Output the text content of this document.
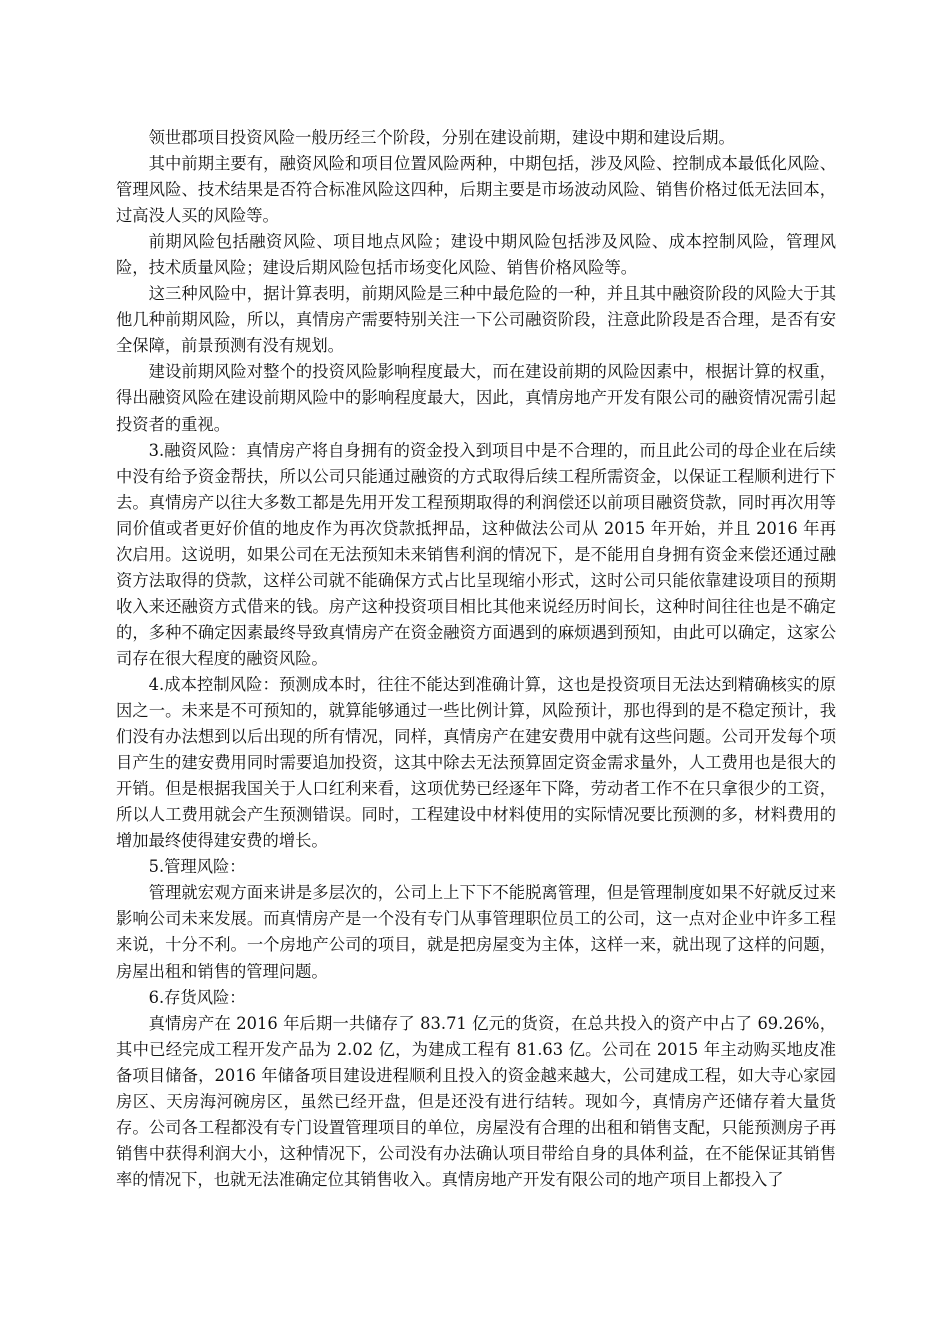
领世郡项目投资风险一般历经三个阶段，分别在建设前期，建设中期和建设后期。

其中前期主要有，融资风险和项目位置风险两种，中期包括，涉及风险、控制成本最低化风险、管理风险、技术结果是否符合标准风险这四种，后期主要是市场波动风险、销售价格过低无法回本，过高没人买的风险等。

前期风险包括融资风险、项目地点风险；建设中期风险包括涉及风险、成本控制风险，管理风险，技术质量风险；建设后期风险包括市场变化风险、销售价格风险等。

这三种风险中，据计算表明，前期风险是三种中最危险的一种，并且其中融资阶段的风险大于其他几种前期风险，所以，真情房产需要特别关注一下公司融资阶段，注意此阶段是否合理，是否有安全保障，前景预测有没有规划。

建设前期风险对整个的投资风险影响程度最大，而在建设前期的风险因素中，根据计算的权重，得出融资风险在建设前期风险中的影响程度最大，因此，真情房地产开发有限公司的融资情况需引起投资者的重视。

3.融资风险：真情房产将自身拥有的资金投入到项目中是不合理的，而且此公司的母企业在后续中没有给予资金帮扶，所以公司只能通过融资的方式取得后续工程所需资金，以保证工程顺利进行下去。真情房产以往大多数工都是先用开发工程预期取得的利润偿还以前项目融资贷款，同时再次用等同价值或者更好价值的地皮作为再次贷款抵押品，这种做法公司从 2015 年开始，并且 2016 年再次启用。这说明，如果公司在无法预知未来销售利润的情况下，是不能用自身拥有资金来偿还通过融资方法取得的贷款，这样公司就不能确保方式占比呈现缩小形式，这时公司只能依靠建设项目的预期收入来还融资方式借来的钱。房产这种投资项目相比其他来说经历时间长，这种时间往往也是不确定的，多种不确定因素最终导致真情房产在资金融资方面遇到的麻烦遇到预知，由此可以确定，这家公司存在很大程度的融资风险。

4.成本控制风险：预测成本时，往往不能达到准确计算，这也是投资项目无法达到精确核实的原因之一。未来是不可预知的，就算能够通过一些比例计算，风险预计，那也得到的是不稳定预计，我们没有办法想到以后出现的所有情况，同样，真情房产在建安费用中就有这些问题。公司开发每个项目产生的建安费用同时需要追加投资，这其中除去无法预算固定资金需求量外，人工费用也是很大的开销。但是根据我国关于人口红利来看，这项优势已经逐年下降，劳动者工作不在只拿很少的工资，所以人工费用就会产生预测错误。同时，工程建设中材料使用的实际情况要比预测的多，材料费用的增加最终使得建安费的增长。

5.管理风险：

管理就宏观方面来讲是多层次的，公司上上下下不能脱离管理，但是管理制度如果不好就反过来影响公司未来发展。而真情房产是一个没有专门从事管理职位员工的公司，这一点对企业中许多工程来说，十分不利。一个房地产公司的项目，就是把房屋变为主体，这样一来，就出现了这样的问题，房屋出租和销售的管理问题。

6.存货风险：

真情房产在 2016 年后期一共储存了 83.71 亿元的货资，在总共投入的资产中占了 69.26%，其中已经完成工程开发产品为 2.02 亿，为建成工程有 81.63 亿。公司在 2015 年主动购买地皮准备项目储备，2016 年储备项目建设进程顺利且投入的资金越来越大，公司建成工程，如大寺心家园房区、天房海河碗房区，虽然已经开盘，但是还没有进行结转。现如今，真情房产还储存着大量货存。公司各工程都没有专门设置管理项目的单位，房屋没有合理的出租和销售支配，只能预测房子再销售中获得利润大小，这种情况下，公司没有办法确认项目带给自身的具体利益，在不能保证其销售率的情况下，也就无法准确定位其销售收入。真情房地产开发有限公司的地产项目上都投入了
